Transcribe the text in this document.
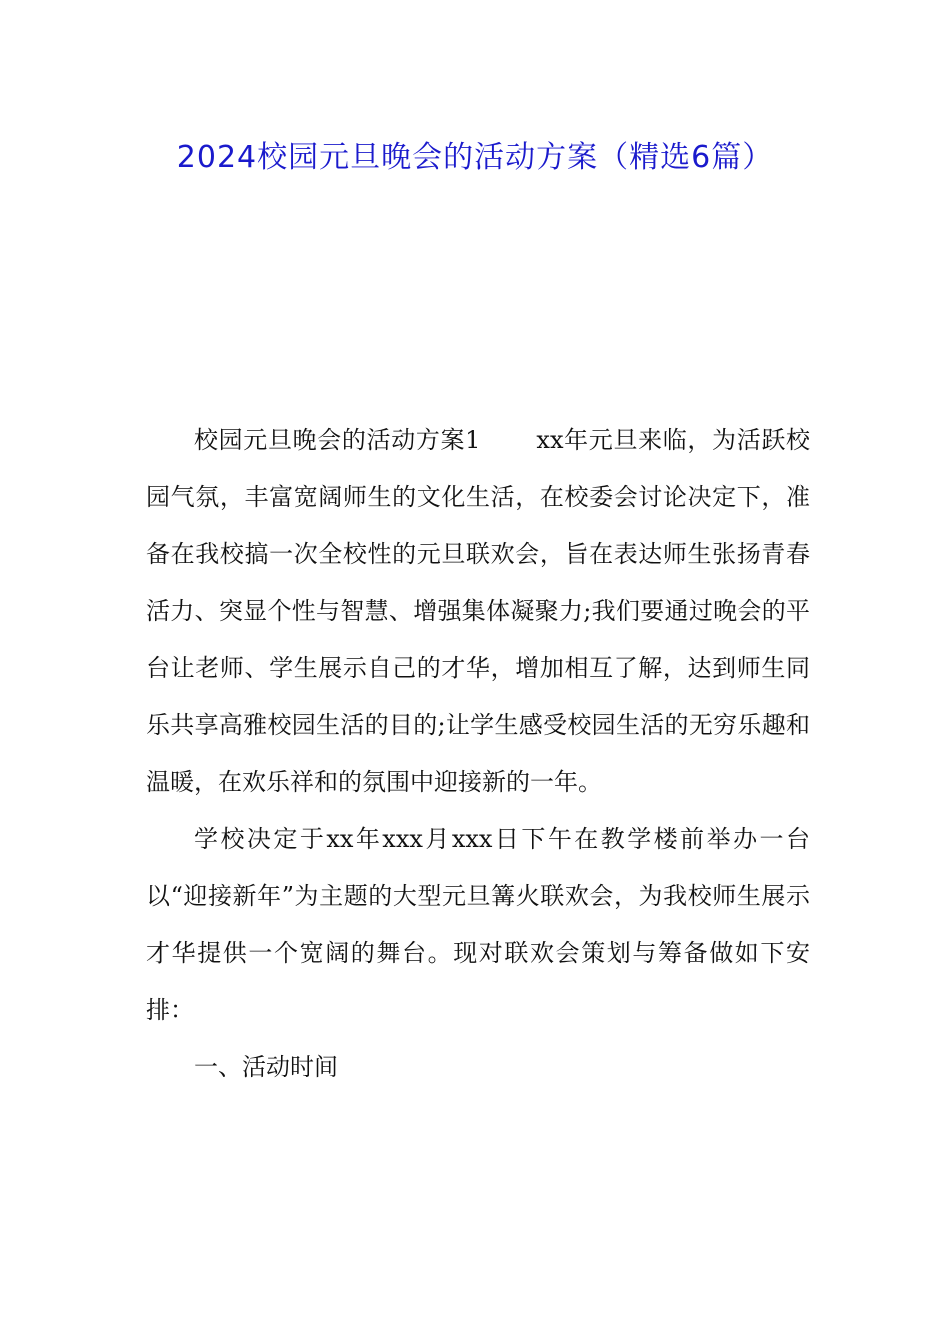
2024校园元旦晚会的活动方案（精选6篇）

校园元旦晚会的活动方案1 xx年元旦来临，为活跃校园气氛，丰富宽阔师生的文化生活，在校委会讨论决定下，准备在我校搞一次全校性的元旦联欢会，旨在表达师生张扬青春活力、突显个性与智慧、增强集体凝聚力;我们要通过晚会的平台让老师、学生展示自己的才华，增加相互了解，达到师生同乐共享高雅校园生活的目的;让学生感受校园生活的无穷乐趣和温暖，在欢乐祥和的氛围中迎接新的一年。

学校决定于xx年xxx月xxx日下午在教学楼前举办一台以“迎接新年”为主题的大型元旦篝火联欢会，为我校师生展示才华提供一个宽阔的舞台。现对联欢会策划与筹备做如下安排：

一、活动时间
